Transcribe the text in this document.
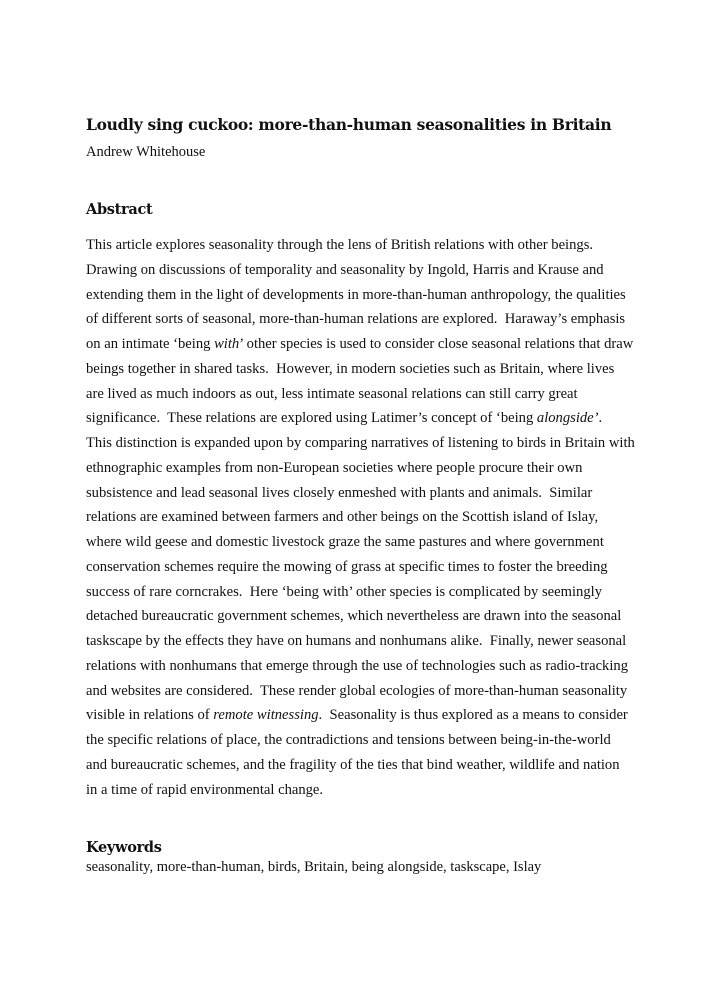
Loudly sing cuckoo: more-than-human seasonalities in Britain
Andrew Whitehouse
Abstract
This article explores seasonality through the lens of British relations with other beings.
Drawing on discussions of temporality and seasonality by Ingold, Harris and Krause and
extending them in the light of developments in more-than-human anthropology, the qualities
of different sorts of seasonal, more-than-human relations are explored.  Haraway’s emphasis
on an intimate ‘being with’ other species is used to consider close seasonal relations that draw
beings together in shared tasks.  However, in modern societies such as Britain, where lives
are lived as much indoors as out, less intimate seasonal relations can still carry great
significance.  These relations are explored using Latimer’s concept of ‘being alongside’.
This distinction is expanded upon by comparing narratives of listening to birds in Britain with
ethnographic examples from non-European societies where people procure their own
subsistence and lead seasonal lives closely enmeshed with plants and animals.  Similar
relations are examined between farmers and other beings on the Scottish island of Islay,
where wild geese and domestic livestock graze the same pastures and where government
conservation schemes require the mowing of grass at specific times to foster the breeding
success of rare corncrakes.  Here ‘being with’ other species is complicated by seemingly
detached bureaucratic government schemes, which nevertheless are drawn into the seasonal
taskscape by the effects they have on humans and nonhumans alike.  Finally, newer seasonal
relations with nonhumans that emerge through the use of technologies such as radio-tracking
and websites are considered.  These render global ecologies of more-than-human seasonality
visible in relations of remote witnessing.  Seasonality is thus explored as a means to consider
the specific relations of place, the contradictions and tensions between being-in-the-world
and bureaucratic schemes, and the fragility of the ties that bind weather, wildlife and nation
in a time of rapid environmental change.
Keywords
seasonality, more-than-human, birds, Britain, being alongside, taskscape, Islay
